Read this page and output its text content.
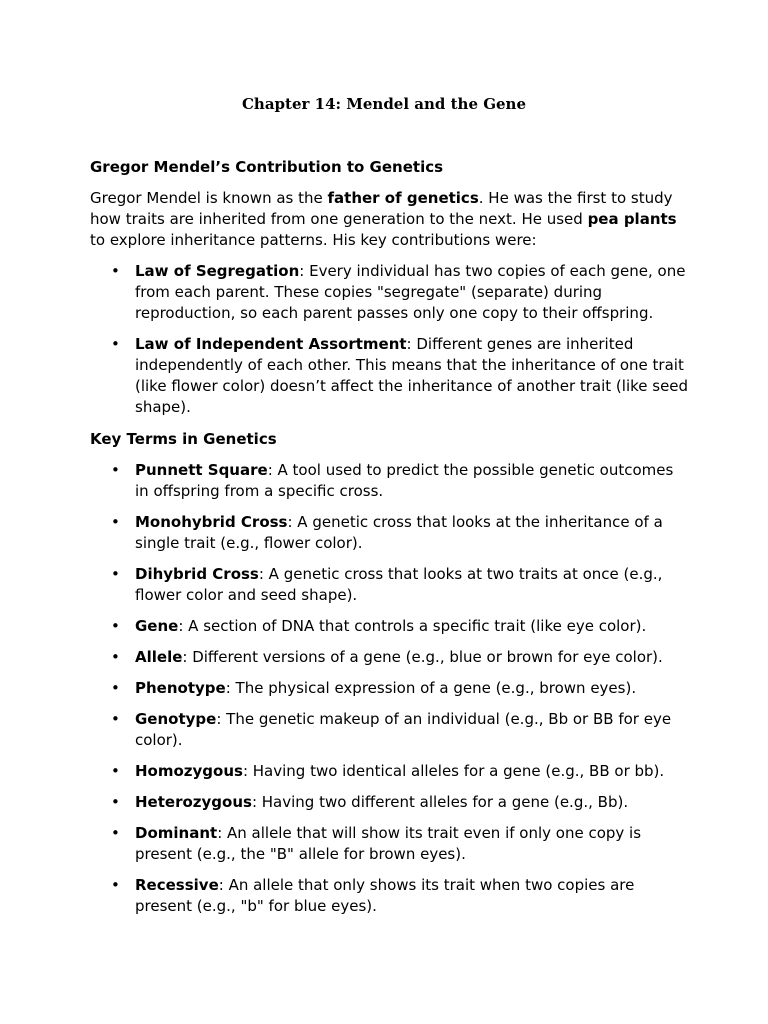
Chapter 14: Mendel and the Gene
Gregor Mendel’s Contribution to Genetics

Gregor Mendel is known as the father of genetics. He was the first to study how traits are inherited from one generation to the next. He used pea plants to explore inheritance patterns. His key contributions were:

• Law of Segregation: Every individual has two copies of each gene, one from each parent. These copies "segregate" (separate) during reproduction, so each parent passes only one copy to their offspring.
• Law of Independent Assortment: Different genes are inherited independently of each other. This means that the inheritance of one trait (like flower color) doesn’t affect the inheritance of another trait (like seed shape).
Key Terms in Genetics
• Punnett Square: A tool used to predict the possible genetic outcomes in offspring from a specific cross.
• Monohybrid Cross: A genetic cross that looks at the inheritance of a single trait (e.g., flower color).
• Dihybrid Cross: A genetic cross that looks at two traits at once (e.g., flower color and seed shape).
• Gene: A section of DNA that controls a specific trait (like eye color).
• Allele: Different versions of a gene (e.g., blue or brown for eye color).
• Phenotype: The physical expression of a gene (e.g., brown eyes).
• Genotype: The genetic makeup of an individual (e.g., Bb or BB for eye color).
• Homozygous: Having two identical alleles for a gene (e.g., BB or bb).
• Heterozygous: Having two different alleles for a gene (e.g., Bb).
• Dominant: An allele that will show its trait even if only one copy is present (e.g., the "B" allele for brown eyes).
• Recessive: An allele that only shows its trait when two copies are present (e.g., "b" for blue eyes).
